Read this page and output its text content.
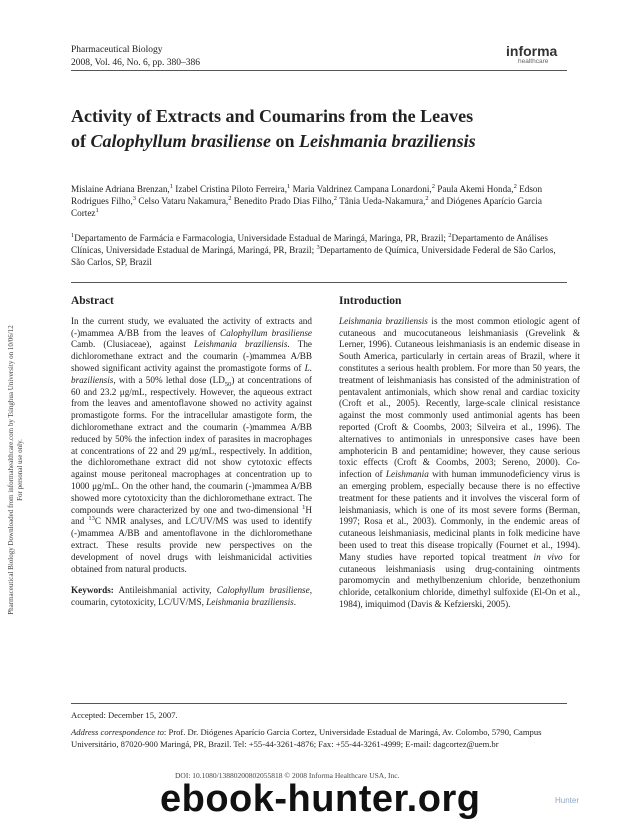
Pharmaceutical Biology
2008, Vol. 46, No. 6, pp. 380–386
informa
healthcare
Pharmaceutical Biology Downloaded from informahealthcare.com by Tsinghua University on 10/06/12 For personal use only.
Activity of Extracts and Coumarins from the Leaves
of Calophyllum brasiliense on Leishmania braziliensis
Mislaine Adriana Brenzan,$^1$ Izabel Cristina Piloto Ferreira,$^1$ Maria Valdrinez Campana Lonardoni,$^2$ Paula Akemi Honda,$^2$ Edson Rodrigues Filho,$^3$ Celso Vataru Nakamura,$^2$ Benedito Prado Dias Filho,$^2$ Tânia Ueda-Nakamura,$^2$ and Diógenes Aparício Garcia Cortez$^1$
$^1$Departamento de Farmácia e Farmacologia, Universidade Estadual de Maringá, Maringa, PR, Brazil; $^2$Departamento de Análises Clínicas, Universidade Estadual de Maringá, Maringá, PR, Brazil; $^3$Departamento de Química, Universidade Federal de São Carlos, São Carlos, SP, Brazil
Abstract

In the current study, we evaluated the activity of extracts and (-)mammea A/BB from the leaves of Calophyllum brasiliense Camb. (Clusiaceae), against Leishmania braziliensis. The dichloromethane extract and the coumarin (-)mammea A/BB showed significant activity against the promastigote forms of L. braziliensis, with a 50% lethal dose $(LD_{50})$ at concentrations of 60 and 23.2 μg/mL, respectively. However, the aqueous extract from the leaves and amentoflavone showed no activity against promastigote forms. For the intracellular amastigote form, the dichloromethane extract and the coumarin (-)mammea A/BB reduced by 50% the infection index of parasites in macrophages at concentrations of 22 and 29 μg/mL, respectively. In addition, the dichloromethane extract did not show cytotoxic effects against mouse peritoneal macrophages at concentration up to 1000 μg/mL. On the other hand, the coumarin (-)mammea A/BB showed more cytotoxicity than the dichloromethane extract. The compounds were characterized by one and two-dimensional $^1$H and $^{13}$C NMR analyses, and LC/UV/MS was used to identify (-)mammea A/BB and amentoflavone in the dichloromethane extract. These results provide new perspectives on the development of novel drugs with leishmanicidal activities obtained from natural products.

Keywords: Antileishmanial activity, Calophyllum brasiliense, coumarin, cytotoxicity, LC/UV/MS, Leishmania braziliensis.

Introduction

Leishmania braziliensis is the most common etiologic agent of cutaneous and mucocutaneous leishmaniasis (Grevelink & Lerner, 1996). Cutaneous leishmaniasis is an endemic disease in South America, particularly in certain areas of Brazil, where it constitutes a serious health problem. For more than 50 years, the treatment of leishmaniasis has consisted of the administration of pentavalent antimonials, which show renal and cardiac toxicity (Croft et al., 2005). Recently, large-scale clinical resistance against the most commonly used antimonial agents has been reported (Croft & Coombs, 2003; Silveira et al., 1996). The alternatives to antimonials in unresponsive cases have been amphotericin B and pentamidine; however, they cause serious toxic effects (Croft & Coombs, 2003; Sereno, 2000). Co-infection of Leishmania with human immunodeficiency virus is an emerging problem, especially because there is no effective treatment for these patients and it involves the visceral form of leishmaniasis, which is one of its most severe forms (Berman, 1997; Rosa et al., 2003). Commonly, in the endemic areas of cutaneous leishmaniasis, medicinal plants in folk medicine have been used to treat this disease tropically (Fournet et al., 1994). Many studies have reported topical treatment in vivo for cutaneous leishmaniasis using drug-containing ointments paromomycin and methylbenzenium chloride, benzethonium chloride, cetalkonium chloride, dimethyl sulfoxide (El-On et al., 1984), imiquimod (Davis & Kefzierski, 2005).

Accepted: December 15, 2007.
Address correspondence to: Prof. Dr. Diógenes Aparício Garcia Cortez, Universidade Estadual de Maringá, Av. Colombo, 5790, Campus Universitário, 87020-900 Maringá, PR, Brazil. Tel: +55-44-3261-4876; Fax: +55-44-3261-4999; E-mail: dagcortez@uem.br
DOI: 10.1080/13880200802055818 © 2008 Informa Healthcare USA, Inc.
ebook-hunter.org	Hunter
